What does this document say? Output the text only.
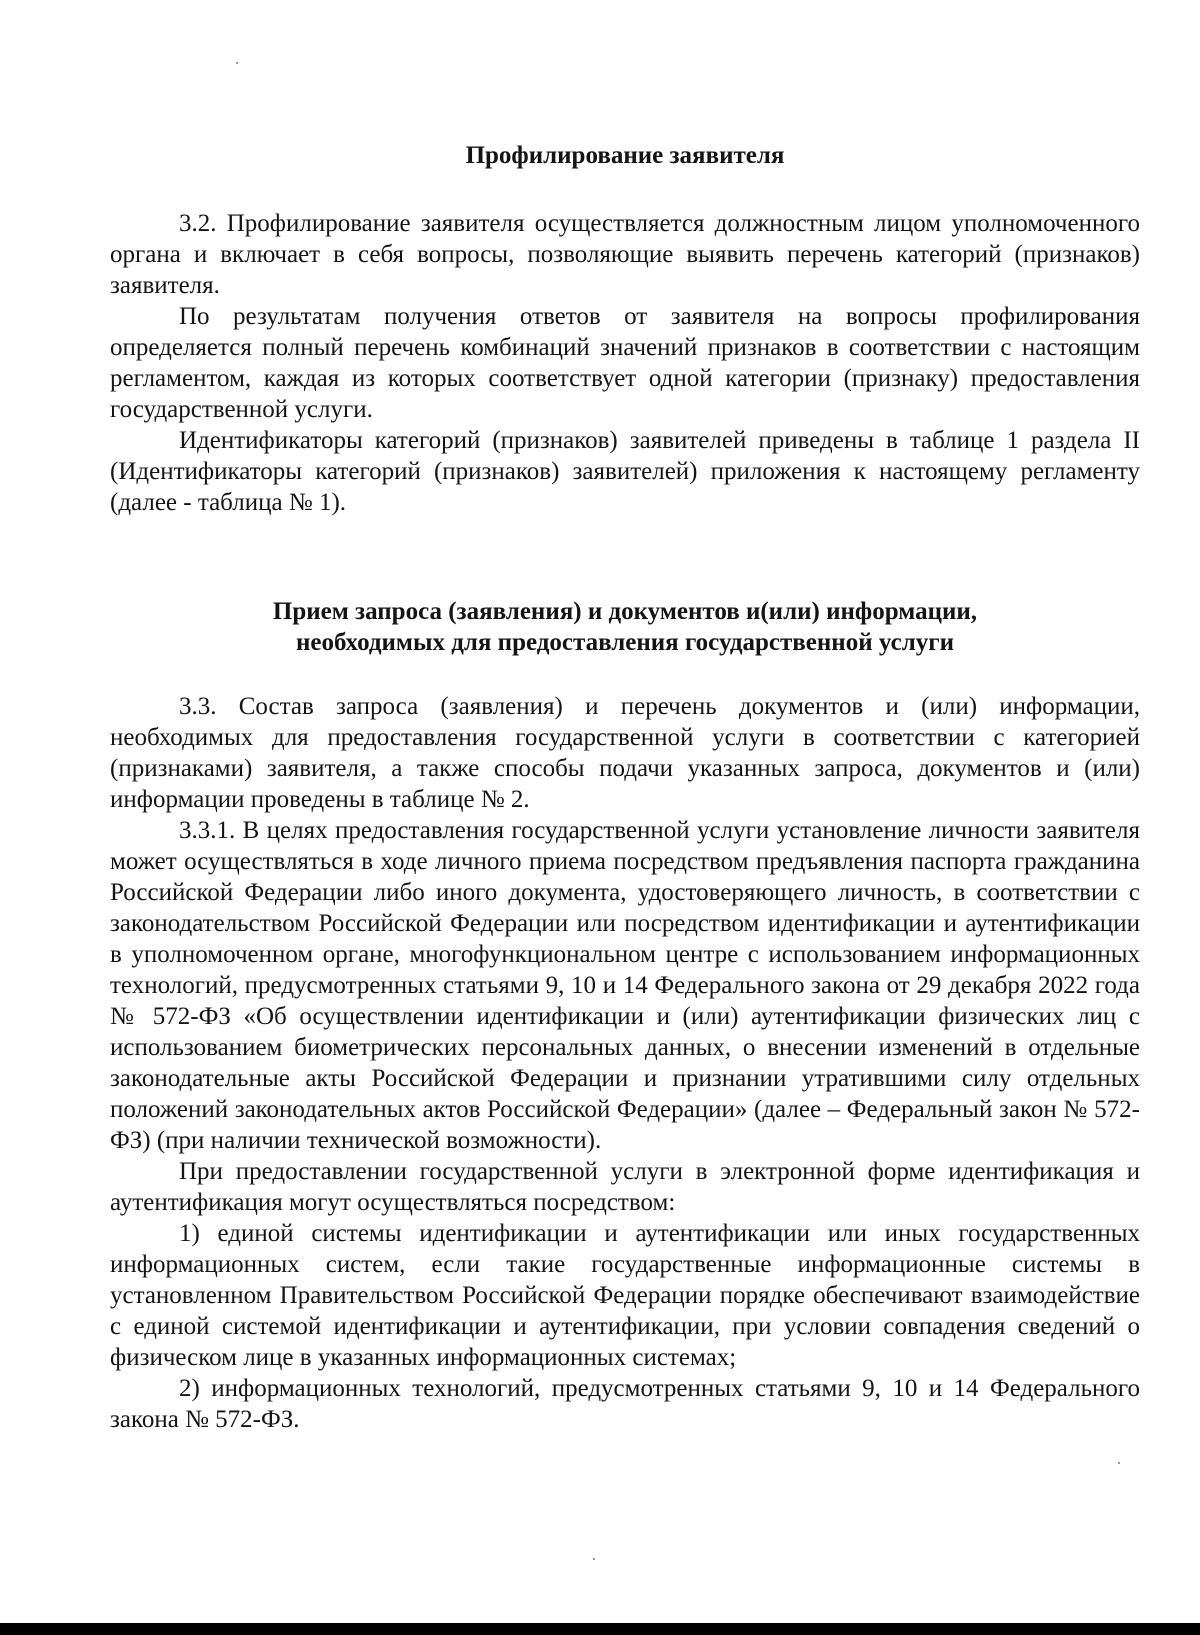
Профилирование заявителя

3.2. Профилирование заявителя осуществляется должностным лицом уполномоченного органа и включает в себя вопросы, позволяющие выявить перечень категорий (признаков) заявителя.

По результатам получения ответов от заявителя на вопросы профилирования определяется полный перечень комбинаций значений признаков в соответствии с настоящим регламентом, каждая из которых соответствует одной категории (признаку) предоставления государственной услуги.

Идентификаторы категорий (признаков) заявителей приведены в таблице 1 раздела II (Идентификаторы категорий (признаков) заявителей) приложения к настоящему регламенту (далее - таблица № 1).

Прием запроса (заявления) и документов и(или) информации,
необходимых для предоставления государственной услуги

3.3. Состав запроса (заявления) и перечень документов и (или) информации, необходимых для предоставления государственной услуги в соответствии с категорией (признаками) заявителя, а также способы подачи указанных запроса, документов и (или) информации проведены в таблице № 2.

3.3.1. В целях предоставления государственной услуги установление личности заявителя может осуществляться в ходе личного приема посредством предъявления паспорта гражданина Российской Федерации либо иного документа, удостоверяющего личность, в соответствии с законодательством Российской Федерации или посредством идентификации и аутентификации в уполномоченном органе, многофункциональном центре с использованием информационных технологий, предусмотренных статьями 9, 10 и 14 Федерального закона от 29 декабря 2022 года № 572-ФЗ «Об осуществлении идентификации и (или) аутентификации физических лиц с использованием биометрических персональных данных, о внесении изменений в отдельные законодательные акты Российской Федерации и признании утратившими силу отдельных положений законодательных актов Российской Федерации» (далее – Федеральный закон № 572-ФЗ) (при наличии технической возможности).

При предоставлении государственной услуги в электронной форме идентификация и аутентификация могут осуществляться посредством:

1) единой системы идентификации и аутентификации или иных государственных информационных систем, если такие государственные информационные системы в установленном Правительством Российской Федерации порядке обеспечивают взаимодействие с единой системой идентификации и аутентификации, при условии совпадения сведений о физическом лице в указанных информационных системах;

2) информационных технологий, предусмотренных статьями 9, 10 и 14 Федерального закона № 572-ФЗ.
